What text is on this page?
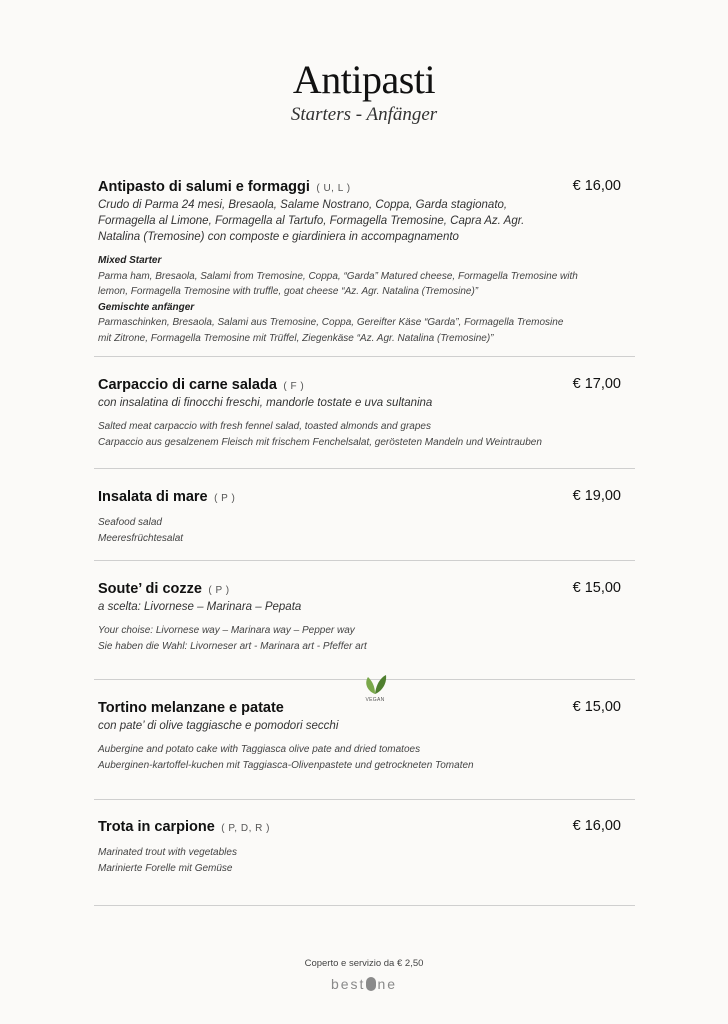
Antipasti
Starters - Anfänger
Antipasto di salumi e formaggi ( U, L )	€ 16,00
Crudo di Parma 24 mesi, Bresaola, Salame Nostrano, Coppa, Garda stagionato, Formagella al Limone, Formagella al Tartufo, Formagella Tremosine, Capra Az. Agr. Natalina (Tremosine) con composte e giardiniera in accompagnamento
Mixed Starter
Parma ham, Bresaola, Salami from Tremosine, Coppa, “Garda” Matured cheese, Formagella Tremosine with lemon, Formagella Tremosine with truffle, goat cheese “Az. Agr. Natalina (Tremosine)”
Gemischte anfänger
Parmaschinken, Bresaola, Salami aus Tremosine, Coppa, Gereifter Käse “Garda”, Formagella Tremosine mit Zitrone, Formagella Tremosine mit Trüffel, Ziegenkäse “Az. Agr. Natalina (Tremosine)”
Carpaccio di carne salada ( F )	€ 17,00
con insalatina di finocchi freschi, mandorle tostate e uva sultanina
Salted meat carpaccio with fresh fennel salad, toasted almonds and grapes
Carpaccio aus gesalzenem Fleisch mit frischem Fenchelsalat, gerösteten Mandeln und Weintrauben
Insalata di mare ( P )	€ 19,00
Seafood salad
Meeresfrüchtesalat
Soute’ di cozze ( P )	€ 15,00
a scelta: Livornese – Marinara – Pepata
Your choise: Livornese way – Marinara way – Pepper way
Sie haben die Wahl: Livorneser art - Marinara art - Pfeffer art
Tortino melanzane e patate	€ 15,00
VEGAN
con pate’ di olive taggiasche e pomodori secchi
Aubergine and potato cake with Taggiasca olive pate and dried tomatoes
Auberginen-kartoffel-kuchen mit Taggiasca-Olivenpastete und getrockneten Tomaten
Trota in carpione ( P, D, R )	€ 16,00
Marinated trout with vegetables
Marinierte Forelle mit Gemüse
Coperto e servizio da € 2,50
best ne
